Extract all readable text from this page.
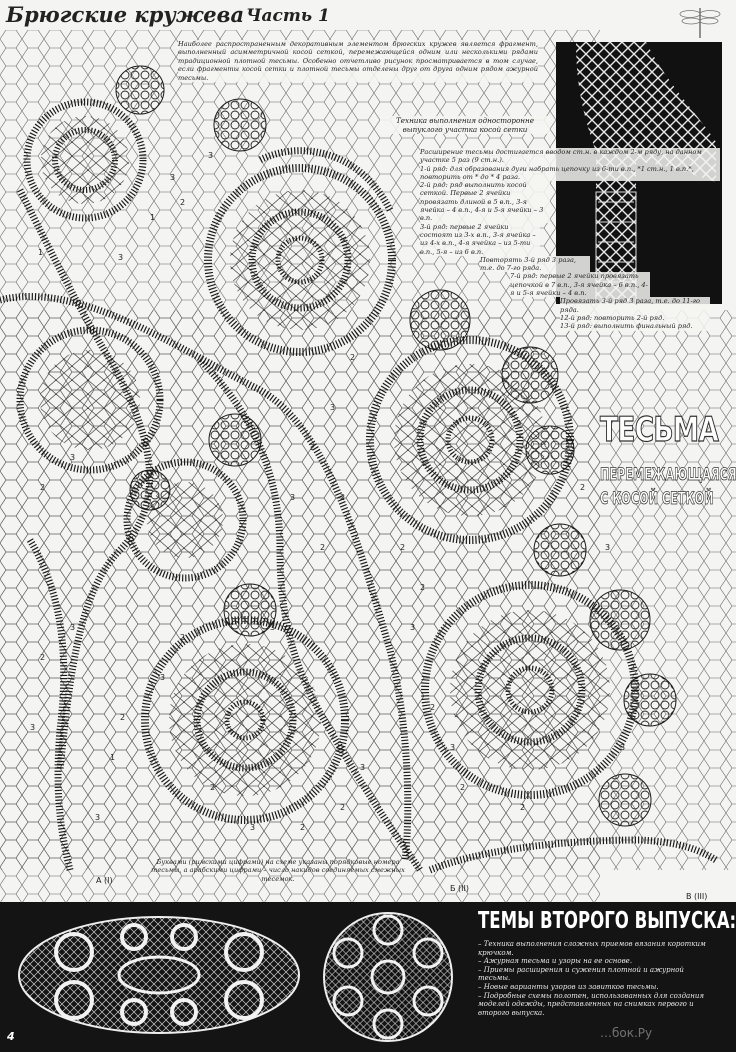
Брюгские кружева Часть 1
3
2
1
3
1
3
2
3
2
3	2
2
3
2
3
2
1
3
2
2
3
2
3
2
2
3
2
3
2
3
3
2
3
2
3
2
3	2
2
Наиболее распространенным декоративным элементом брюгских кружев является фрагмент, выполненный асимметричной косой сеткой, перемежающейся одним или несколькими рядами традиционной плотной тесьмы. Особенно отчетливо рисунок просматривается в том случае, если фрагменты косой сетки и плотной тесьмы отделены друг от друга одним рядом ажурной тесьмы.
Техника выполнения односторонне выпуклого участка косой сетки
Расширение тесьмы достигается вводом ст.н. в каждом 2-м ряду, на данном участке 5 раз (9 ст.н.).
1-й ряд: для образования дуги набрать цепочку из 6-ти в.п., *1 ст.н., 1 в.п.*, повторить от * до * 4 раза.
2-й ряд: ряд выполнить косой сеткой. Первые 2 ячейки провязать длиной в 5 в.п., 3-я ячейка – 4 в.п., 4-я и 5-я ячейки – 3 в.п.
3-й ряд: первые 2 ячейки состоят из 3-х в.п., 3-я ячейка – из 4-х в.п., 4-я ячейка – из 5-ти в.п., 5-я – из 6 в.п.
Повторять 3-й ряд 3 раза, т.е. до 7-го ряда.
7-й ряд: первые 2 ячейки провязать цепочкой в 7 в.п., 3-я ячейка – 6 в.п., 4-я и 5-я ячейки – 4 в.п.
Провязать 3-й ряд 3 раза, т.е. до 11-го ряда.
12-й ряд: повторить 2-й ряд.
13-й ряд: выполнить финальный ряд.
ТЕСЬМА
ПЕРЕМЕЖАЮЩАЯСЯ
С КОСОЙ СЕТКОЙ
A (I)
Б (II)
В (III)
Буквами (римскими цифрами) на схеме указаны порядковые номера тесьмы, а арабскими цифрами – число накидов соединяемых смежных тесемок.
ТЕМЫ ВТОРОГО ВЫПУСКА:
– Техника выполнения сложных приемов вязания коротким крючком.
– Ажурная тесьма и узоры на ее основе.
– Приемы расширения и сужения плотной и ажурной тесьмы.
– Новые варианты узоров из завитков тесьмы.
– Подробные схемы полотен, использованных для создания моделей одежды, представленных на снимках первого и второго выпуска.
4	…бок.Ру
